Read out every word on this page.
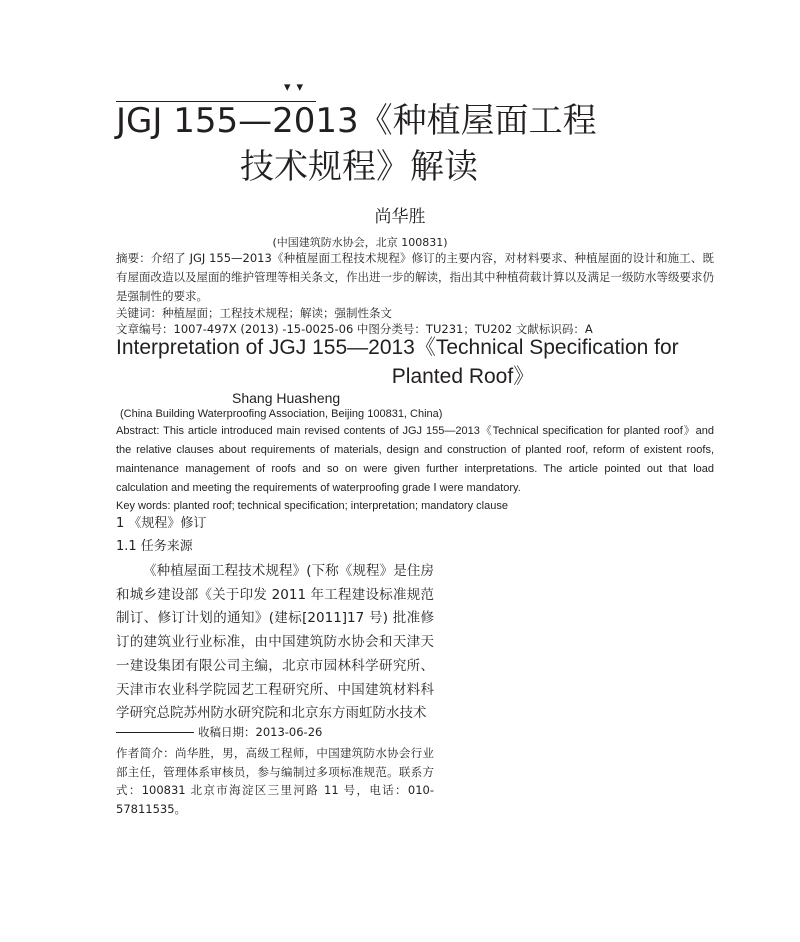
▾▾
JGJ 155—2013《种植屋面工程
技术规程》解读
尚华胜
(中国建筑防水协会，北京 100831)
摘要：介绍了 JGJ 155—2013《种植屋面工程技术规程》修订的主要内容，对材料要求、种植屋面的设计和施工、既有屋面改造以及屋面的维护管理等相关条文，作出进一步的解读，指出其中种植荷载计算以及满足一级防水等级要求仍是强制性的要求。
关键词：种植屋面；工程技术规程；解读；强制性条文
文章编号：1007-497X (2013) -15-0025-06 中图分类号：TU231；TU202 文献标识码：A
Interpretation of JGJ 155—2013《Technical Specification for
Planted Roof》
Shang Huasheng
(China Building Waterproofing Association, Beijing 100831, China)
Abstract: This article introduced main revised contents of JGJ 155—2013《Technical specification for planted roof》and the relative clauses about requirements of materials, design and construction of planted roof, reform of existent roofs, maintenance management of roofs and so on were given further interpretations. The article pointed out that load calculation and meeting the requirements of waterproofing grade Ⅰ were mandatory.
Key words: planted roof; technical specification; interpretation; mandatory clause
1 《规程》修订
1.1 任务来源
《种植屋面工程技术规程》(下称《规程》是住房和城乡建设部《关于印发 2011 年工程建设标准规范制订、修订计划的通知》(建标[2011]17 号) 批准修订的建筑业行业标准，由中国建筑防水协会和天津天一建设集团有限公司主编，北京市园林科学研究所、天津市农业科学院园艺工程研究所、中国建筑材料科学研究总院苏州防水研究院和北京东方雨虹防水技术
收稿日期：2013-06-26
作者简介：尚华胜，男，高级工程师，中国建筑防水协会行业部主任，管理体系审核员，参与编制过多项标准规范。联系方式：100831 北京市海淀区三里河路 11 号，电话：010-57811535。
